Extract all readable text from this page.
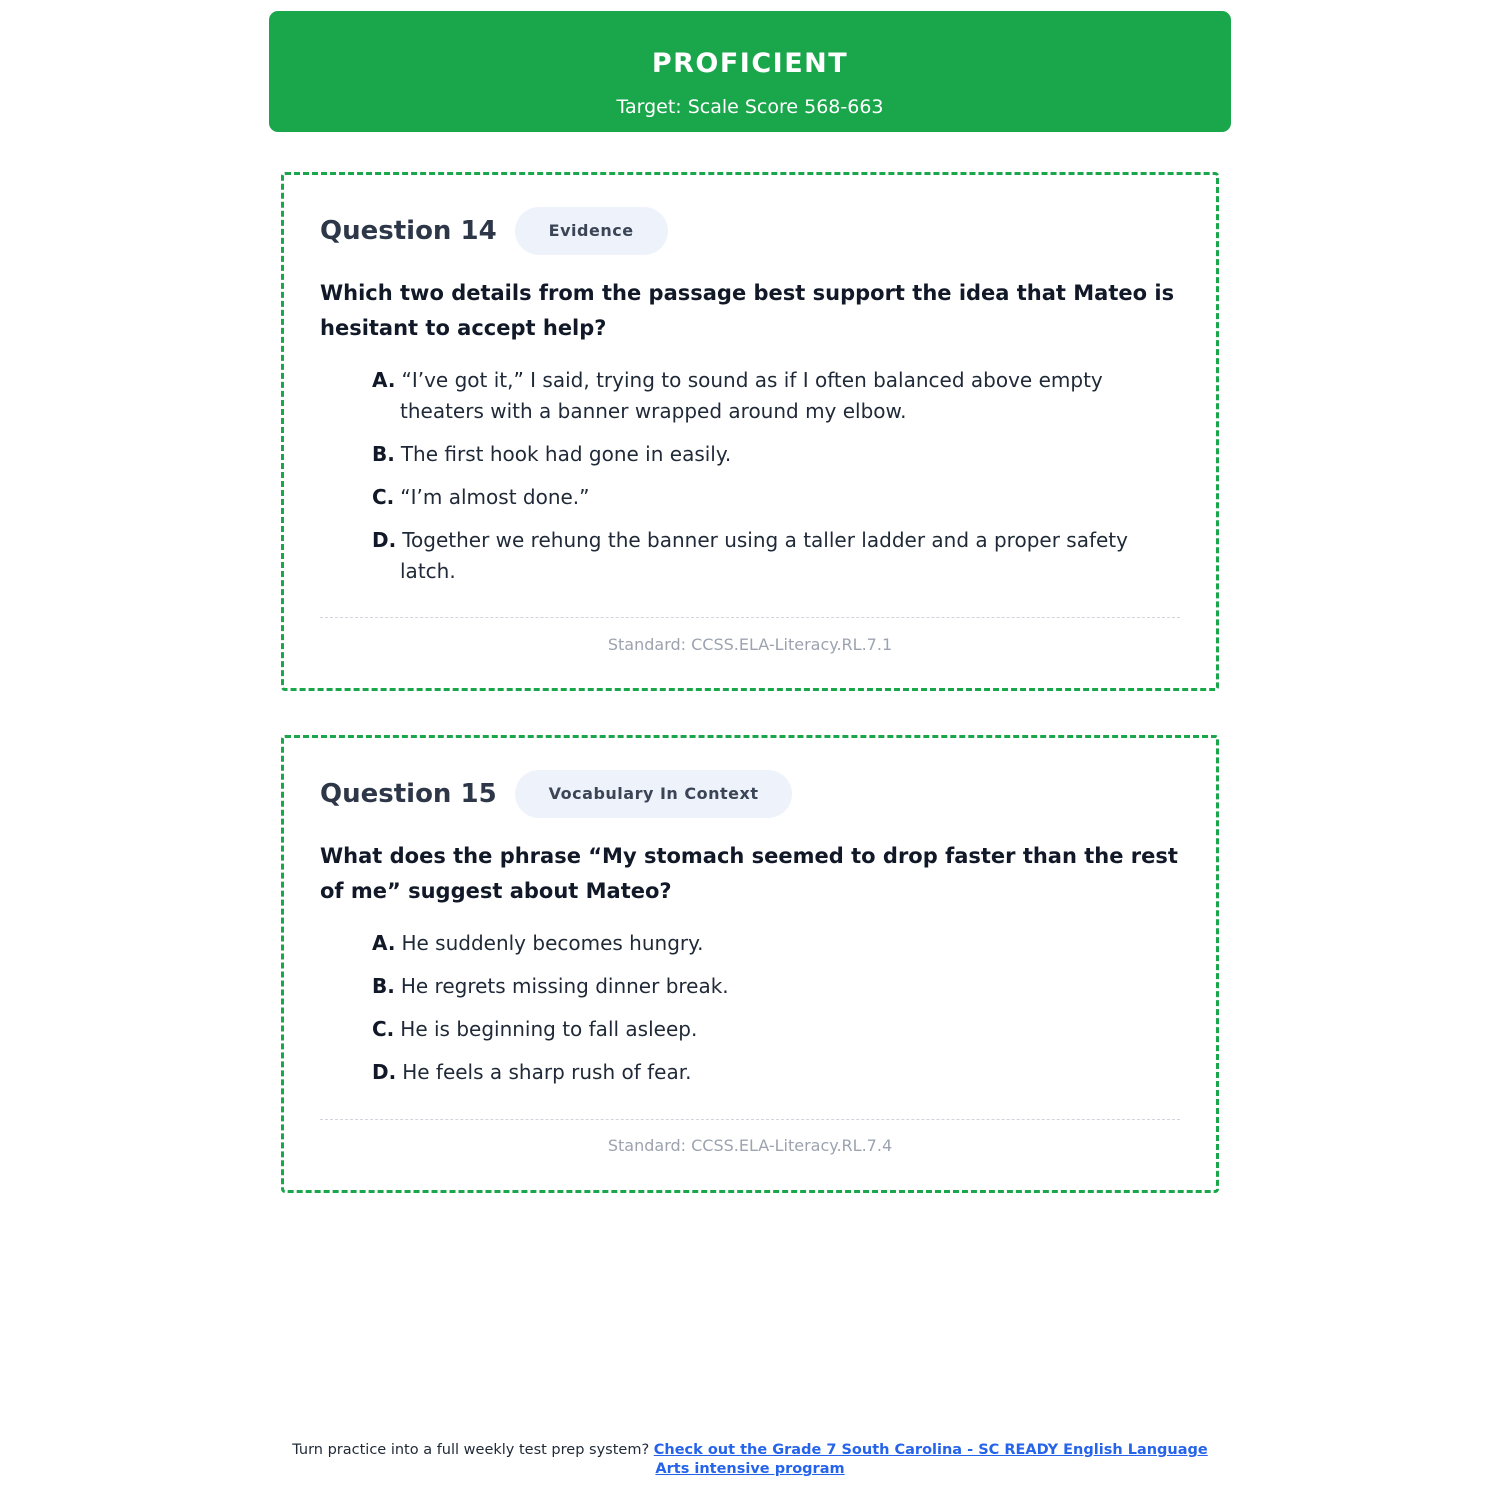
PROFICIENT
Target: Scale Score 568-663
Question 14	Evidence
Which two details from the passage best support the idea that Mateo is hesitant to accept help?
A. “I’ve got it,” I said, trying to sound as if I often balanced above empty theaters with a banner wrapped around my elbow.
B. The first hook had gone in easily.
C. “I’m almost done.”
D. Together we rehung the banner using a taller ladder and a proper safety latch.
Standard: CCSS.ELA-Literacy.RL.7.1
Question 15	Vocabulary In Context
What does the phrase “My stomach seemed to drop faster than the rest of me” suggest about Mateo?
A. He suddenly becomes hungry.
B. He regrets missing dinner break.
C. He is beginning to fall asleep.
D. He feels a sharp rush of fear.
Standard: CCSS.ELA-Literacy.RL.7.4
Turn practice into a full weekly test prep system? Check out the Grade 7 South Carolina - SC READY English Language Arts intensive program
